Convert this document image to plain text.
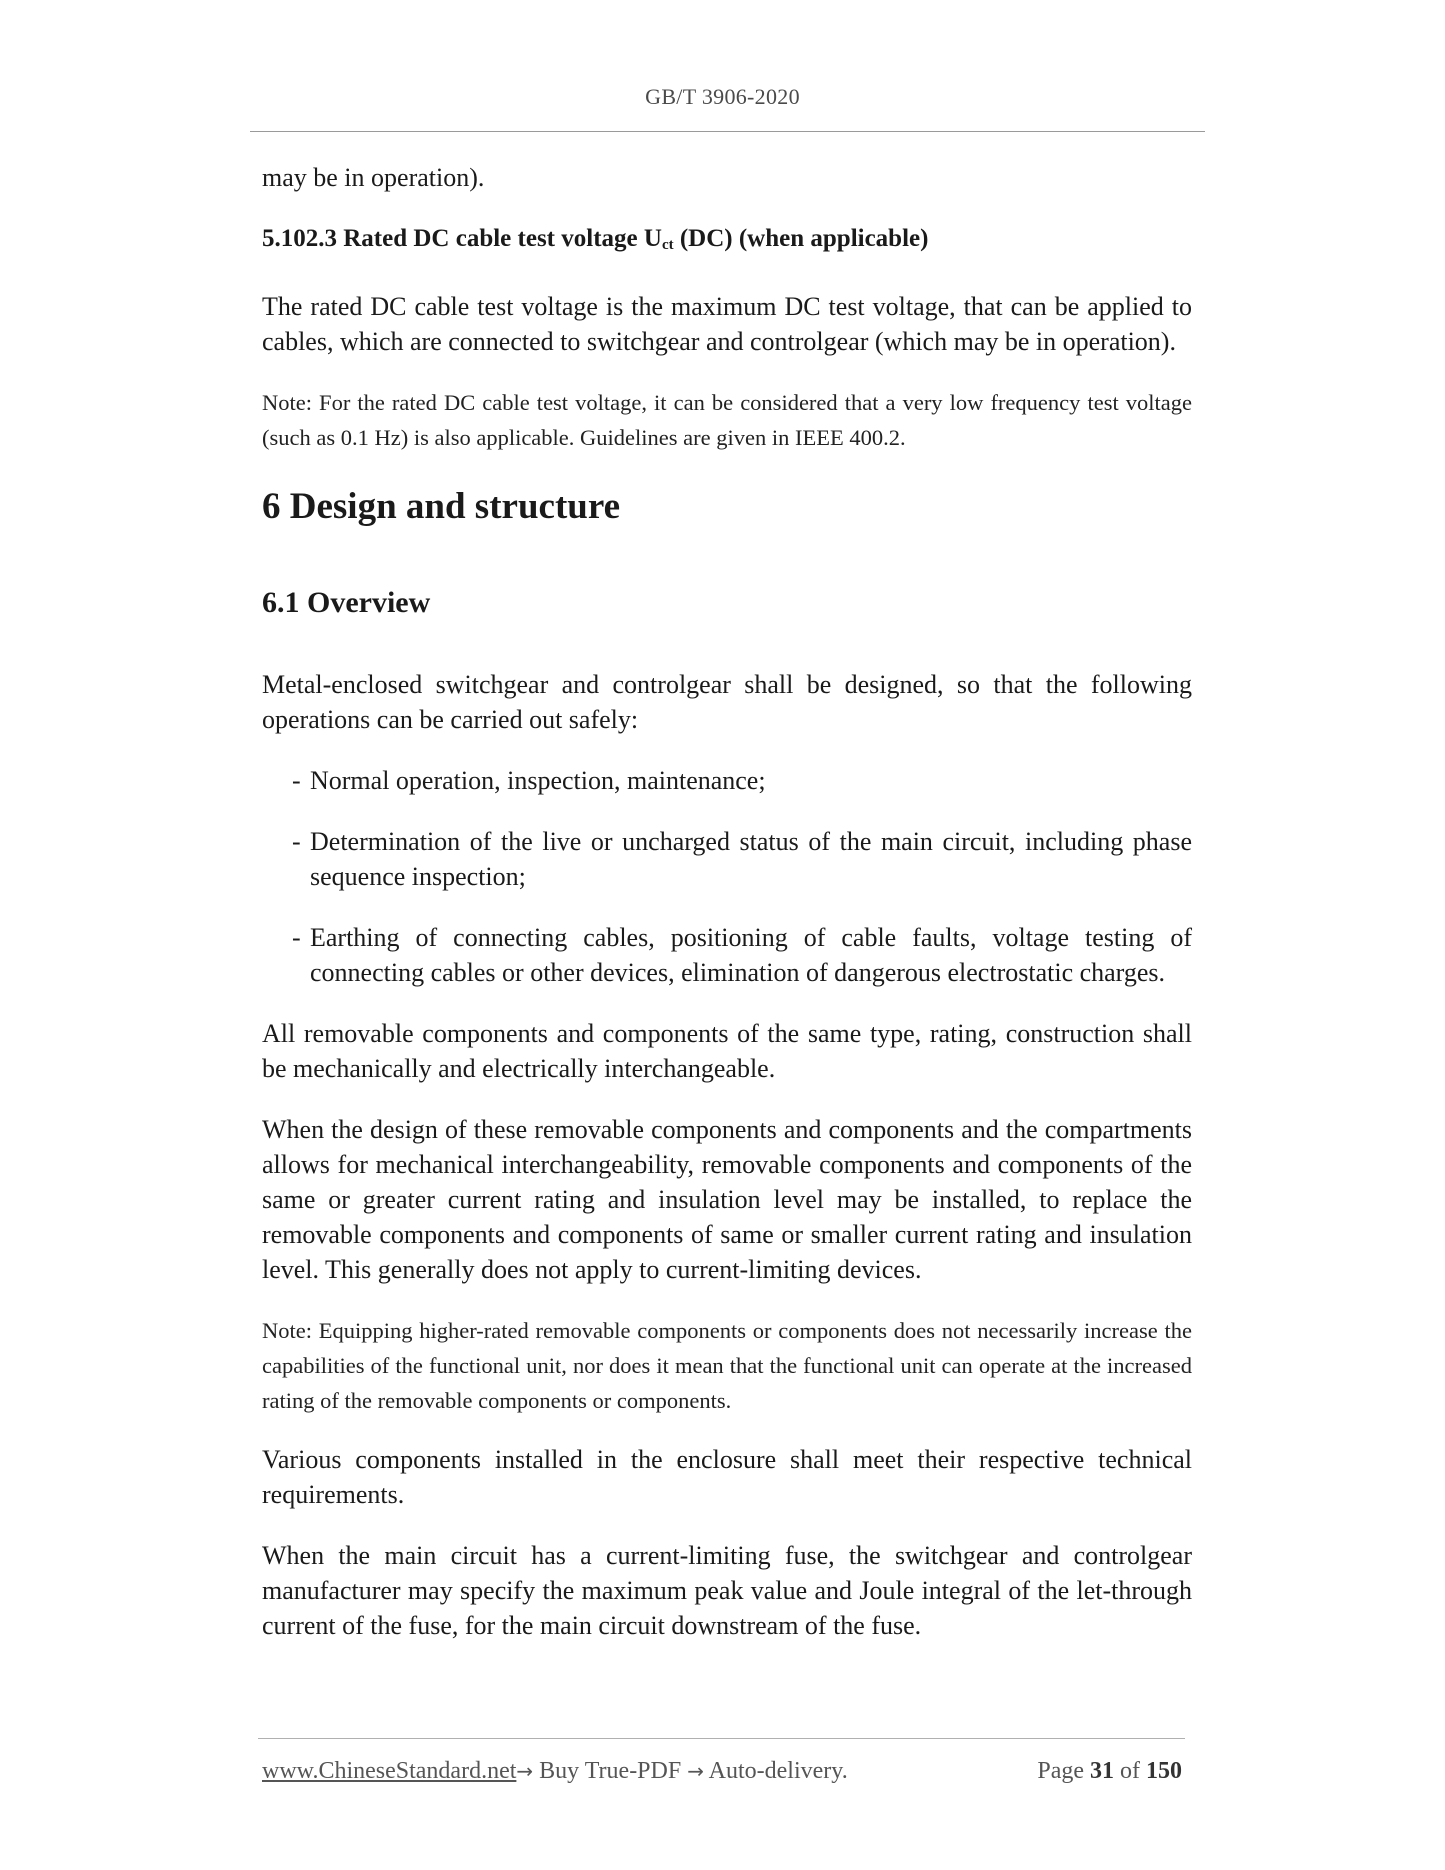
GB/T 3906-2020

may be in operation).

5.102.3 Rated DC cable test voltage $U_{ct}$ (DC) (when applicable)

The rated DC cable test voltage is the maximum DC test voltage, that can be applied to cables, which are connected to switchgear and controlgear (which may be in operation).

Note: For the rated DC cable test voltage, it can be considered that a very low frequency test voltage (such as 0.1 Hz) is also applicable. Guidelines are given in IEEE 400.2.

6 Design and structure
6.1 Overview

Metal-enclosed switchgear and controlgear shall be designed, so that the following operations can be carried out safely:

- Normal operation, inspection, maintenance;
- Determination of the live or uncharged status of the main circuit, including phase sequence inspection;
- Earthing of connecting cables, positioning of cable faults, voltage testing of connecting cables or other devices, elimination of dangerous electrostatic charges.

All removable components and components of the same type, rating, construction shall be mechanically and electrically interchangeable.

When the design of these removable components and components and the compartments allows for mechanical interchangeability, removable components and components of the same or greater current rating and insulation level may be installed, to replace the removable components and components of same or smaller current rating and insulation level. This generally does not apply to current-limiting devices.

Note: Equipping higher-rated removable components or components does not necessarily increase the capabilities of the functional unit, nor does it mean that the functional unit can operate at the increased rating of the removable components or components.

Various components installed in the enclosure shall meet their respective technical requirements.

When the main circuit has a current-limiting fuse, the switchgear and controlgear manufacturer may specify the maximum peak value and Joule integral of the let-through current of the fuse, for the main circuit downstream of the fuse.

www.ChineseStandard.net→ Buy True-PDF → Auto-delivery.	Page 31 of 150
